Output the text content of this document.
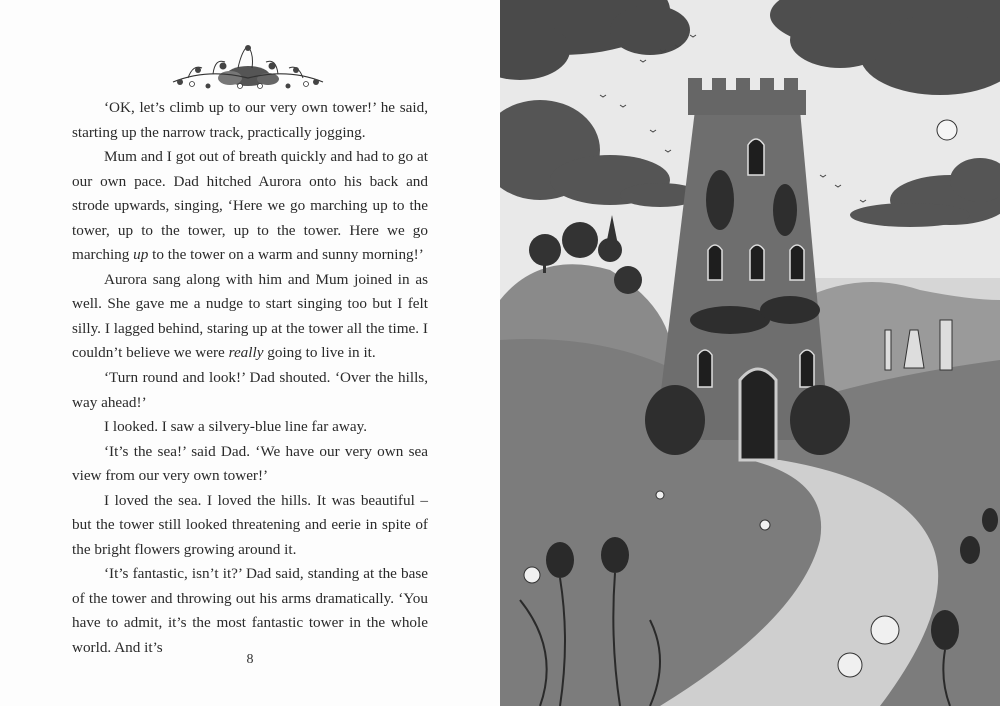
‘OK, let’s climb up to our very own tower!’ he said, starting up the narrow track, practically jogging.

Mum and I got out of breath quickly and had to go at our own pace. Dad hitched Aurora onto his back and strode upwards, singing, ‘Here we go marching up to the tower, up to the tower, up to the tower. Here we go marching up to the tower on a warm and sunny morning!’

Aurora sang along with him and Mum joined in as well. She gave me a nudge to start singing too but I felt silly. I lagged behind, staring up at the tower all the time. I couldn’t believe we were really going to live in it.

‘Turn round and look!’ Dad shouted. ‘Over the hills, way ahead!’

I looked. I saw a silvery-blue line far away.

‘It’s the sea!’ said Dad. ‘We have our very own sea view from our very own tower!’

I loved the sea. I loved the hills. It was beautiful – but the tower still looked threatening and eerie in spite of the bright flowers growing around it.

‘It’s fantastic, isn’t it?’ Dad said, standing at the base of the tower and throwing out his arms dramatically. ‘You have to admit, it’s the most fantastic tower in the whole world. And it’s

8
